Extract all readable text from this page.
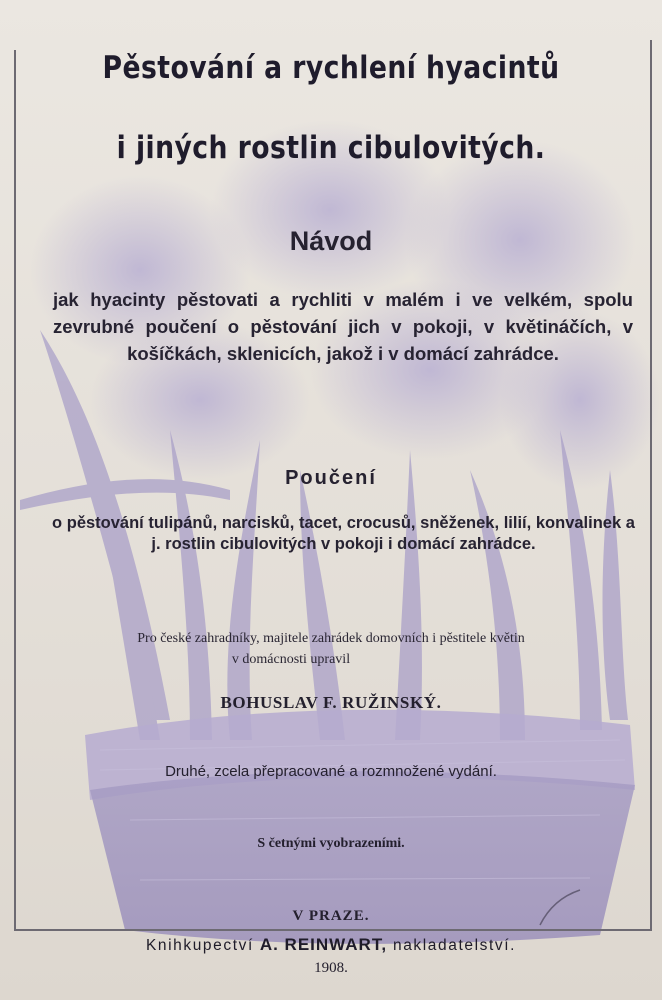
Pěstování a rychlení hyacintů
i jiných rostlin cibulovitých.
Návod
jak hyacinty pěstovati a rychliti v malém i ve velkém, spolu zevrubné poučení o pěstování jich v pokoji, v květináčích, v košíčkách, sklenicích, jakož i v domácí zahrádce.
Poučení
o pěstování tulipánů, narcisků, tacet, crocusů, sněženek, lilií, konvalinek a j. rostlin cibulovitých v pokoji i domácí zahrádce.
Pro české zahradníky, majitele zahrádek domovních i pěstitele květin
v domácnosti upravil
BOHUSLAV F. RUŽINSKÝ.
Druhé, zcela přepracované a rozmnožené vydání.
S četnými vyobrazeními.
V PRAZE.
Knihkupectví A. REINWART, nakladatelství.
1908.
